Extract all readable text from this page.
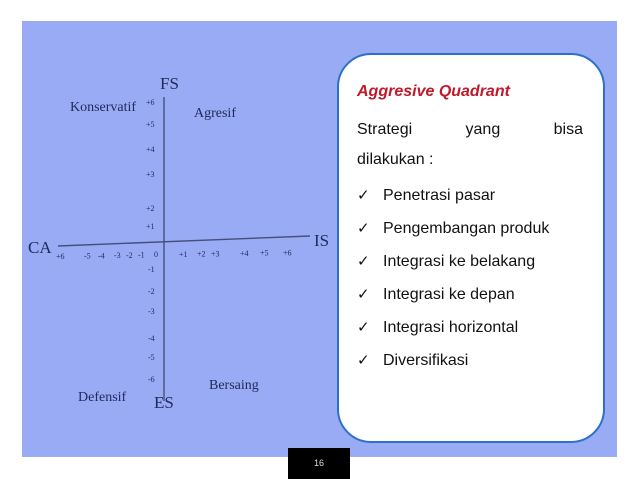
FS
ES
CA	IS
Konservatif	Agresif
Defensif
Bersaing
+6 -5 -4 -3 -2 -1 0	+1 +2 +3	+4 +5 +6
+6
+5
+4
+3
+2
+1
-1
-2
-3
-4
-5
-6
Aggresive Quadrant
Strategi	yang	bisa
dilakukan :
✓ Penetrasi pasar
✓ Pengembangan produk
✓ Integrasi ke belakang
✓ Integrasi ke depan
✓ Integrasi horizontal
✓ Diversifikasi
16
